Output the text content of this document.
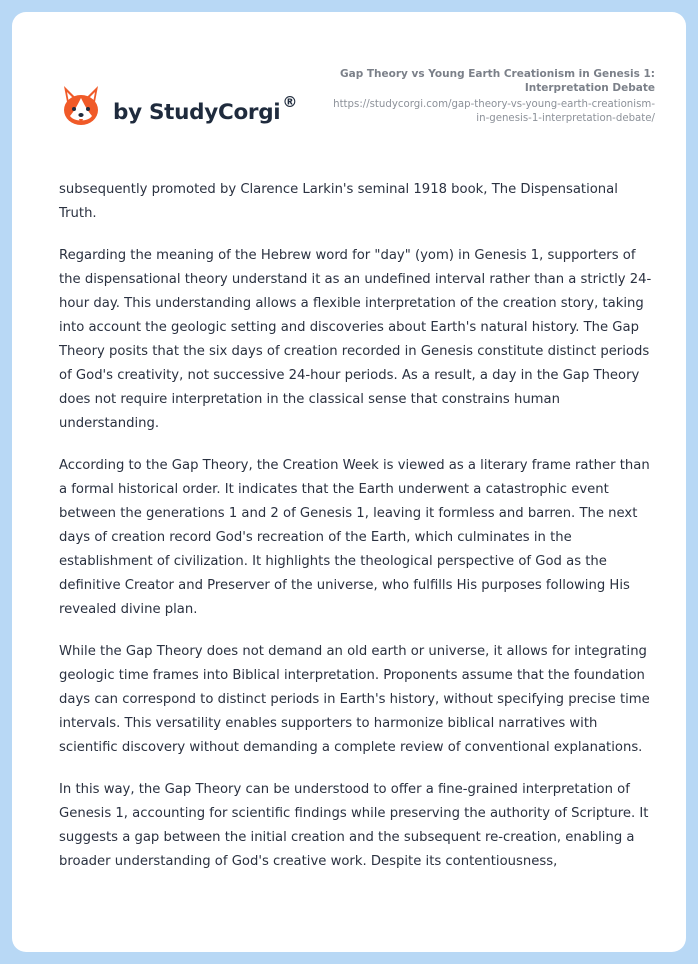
by StudyCorgi ®
Gap Theory vs Young Earth Creationism in Genesis 1: Interpretation Debate
https://studycorgi.com/gap-theory-vs-young-earth-creationism-in-genesis-1-interpretation-debate/

subsequently promoted by Clarence Larkin's seminal 1918 book, The Dispensational Truth.

Regarding the meaning of the Hebrew word for "day" (yom) in Genesis 1, supporters of the dispensational theory understand it as an undefined interval rather than a strictly 24-hour day. This understanding allows a flexible interpretation of the creation story, taking into account the geologic setting and discoveries about Earth's natural history. The Gap Theory posits that the six days of creation recorded in Genesis constitute distinct periods of God's creativity, not successive 24-hour periods. As a result, a day in the Gap Theory does not require interpretation in the classical sense that constrains human understanding.

According to the Gap Theory, the Creation Week is viewed as a literary frame rather than a formal historical order. It indicates that the Earth underwent a catastrophic event between the generations 1 and 2 of Genesis 1, leaving it formless and barren. The next days of creation record God's recreation of the Earth, which culminates in the establishment of civilization. It highlights the theological perspective of God as the definitive Creator and Preserver of the universe, who fulfills His purposes following His revealed divine plan.

While the Gap Theory does not demand an old earth or universe, it allows for integrating geologic time frames into Biblical interpretation. Proponents assume that the foundation days can correspond to distinct periods in Earth's history, without specifying precise time intervals. This versatility enables supporters to harmonize biblical narratives with scientific discovery without demanding a complete review of conventional explanations.

In this way, the Gap Theory can be understood to offer a fine-grained interpretation of Genesis 1, accounting for scientific findings while preserving the authority of Scripture. It suggests a gap between the initial creation and the subsequent re-creation, enabling a broader understanding of God's creative work. Despite its contentiousness,
